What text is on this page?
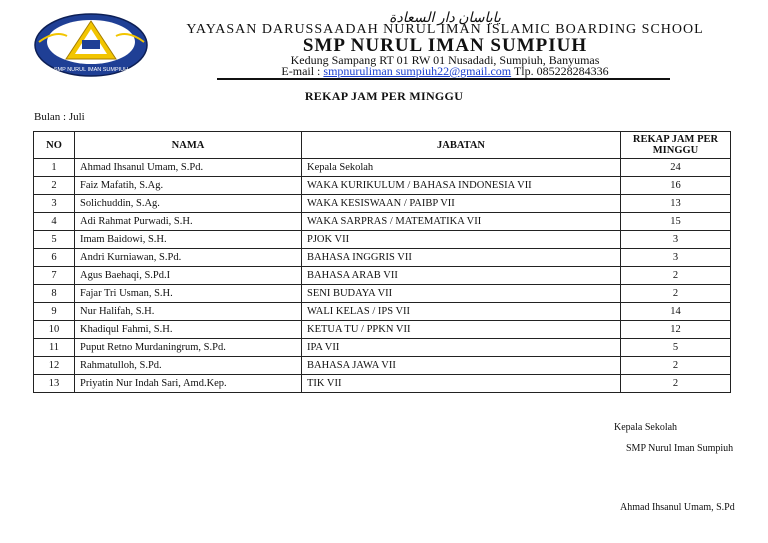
SMP NURUL IMAN SUMPIUH
ﻳﺎﻳﺎﺳﺎﻥ ﺩﺍﺭ ﺍﻟﺴﻌﺎﺩﺓ
YAYASAN DARUSSAADAH NURUL IMAN ISLAMIC BOARDING SCHOOL
SMP NURUL IMAN SUMPIUH
Kedung Sampang RT 01 RW 01 Nusadadi, Sumpiuh, Banyumas
E-mail : smpnuruliman sumpiuh22@gmail.com Tlp. 085228284336
REKAP JAM PER MINGGU
Bulan : Juli
NO	NAMA	JABATAN	REKAP JAM PER MINGGU
1	Ahmad Ihsanul Umam, S.Pd.	Kepala Sekolah	24
2	Faiz Mafatih, S.Ag.	WAKA KURIKULUM / BAHASA INDONESIA VII	16
3	Solichuddin, S.Ag.	WAKA KESISWAAN / PAIBP VII	13
4	Adi Rahmat Purwadi, S.H.	WAKA SARPRAS / MATEMATIKA VII	15
5	Imam Baidowi, S.H.	PJOK VII	3
6	Andri Kurniawan, S.Pd.	BAHASA INGGRIS VII	3
7	Agus Baehaqi, S.Pd.I	BAHASA ARAB VII	2
8	Fajar Tri Usman, S.H.	SENI BUDAYA VII	2
9	Nur Halifah, S.H.	WALI KELAS / IPS VII	14
10	Khadiqul Fahmi, S.H.	KETUA TU / PPKN VII	12
11	Puput Retno Murdaningrum, S.Pd.	IPA VII	5
12	Rahmatulloh, S.Pd.	BAHASA JAWA VII	2
13	Priyatin Nur Indah Sari, Amd.Kep.	TIK VII	2
Kepala Sekolah
SMP Nurul Iman Sumpiuh
Ahmad Ihsanul Umam, S.Pd
